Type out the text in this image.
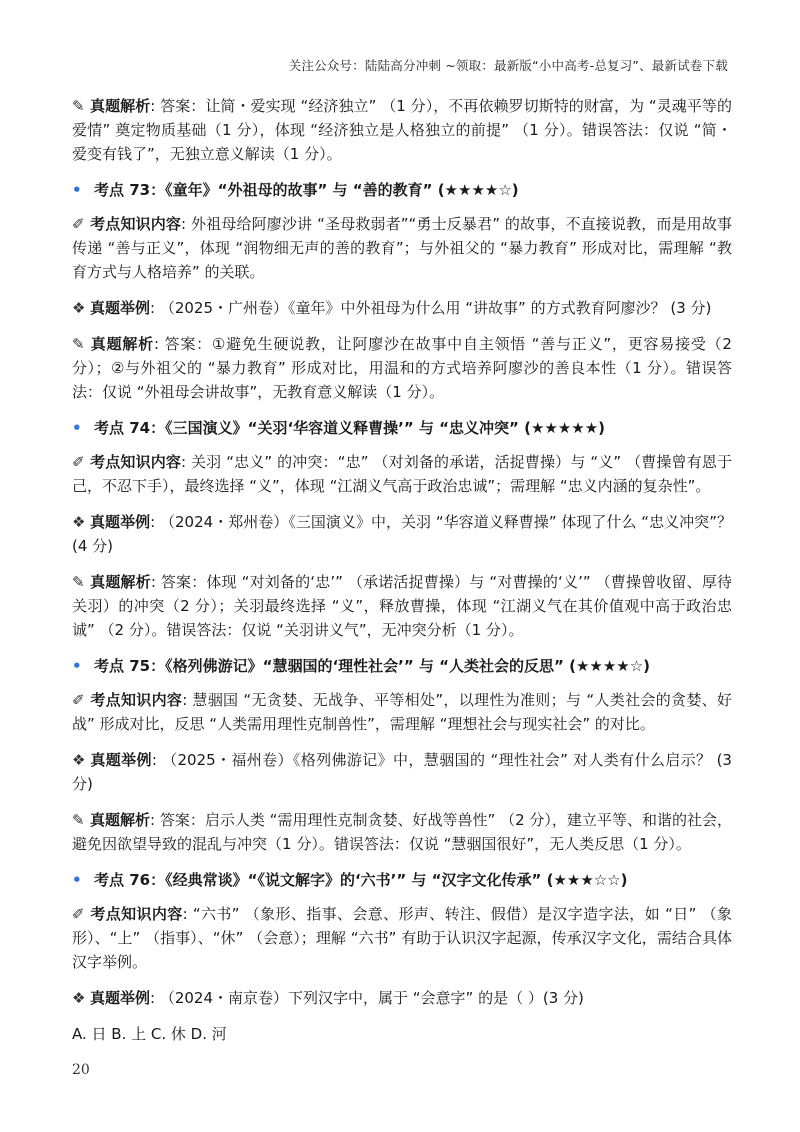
关注公众号：陆陆高分冲刺 ~领取：最新版“小中高考-总复习”、最新试卷下载

✎ 真题解析: 答案：让简・爱实现 “经济独立” （1 分），不再依赖罗切斯特的财富，为 “灵魂平等的爱情” 奠定物质基础（1 分），体现 “经济独立是人格独立的前提” （1 分）。错误答法：仅说 “简・爱变有钱了”，无独立意义解读（1 分）。

• 考点 73：《童年》“外祖母的故事” 与 “善的教育” (★★★★☆)

✐ 考点知识内容: 外祖母给阿廖沙讲 “圣母救弱者”“勇士反暴君” 的故事，不直接说教，而是用故事传递 “善与正义”，体现 “润物细无声的善的教育”；与外祖父的 “暴力教育” 形成对比，需理解 “教育方式与人格培养” 的关联。

❖ 真题举例: （2025・广州卷）《童年》中外祖母为什么用 “讲故事” 的方式教育阿廖沙？ (3 分)

✎ 真题解析: 答案：①避免生硬说教，让阿廖沙在故事中自主领悟 “善与正义”，更容易接受（2 分）；②与外祖父的 “暴力教育” 形成对比，用温和的方式培养阿廖沙的善良本性（1 分）。错误答法：仅说 “外祖母会讲故事”，无教育意义解读（1 分）。

• 考点 74：《三国演义》“关羽‘华容道义释曹操’” 与 “忠义冲突” (★★★★★)

✐ 考点知识内容: 关羽 “忠义” 的冲突：“忠” （对刘备的承诺，活捉曹操）与 “义” （曹操曾有恩于己，不忍下手），最终选择 “义”，体现 “江湖义气高于政治忠诚”；需理解 “忠义内涵的复杂性”。

❖ 真题举例: （2024・郑州卷）《三国演义》中，关羽 “华容道义释曹操” 体现了什么 “忠义冲突”？ (4 分)

✎ 真题解析: 答案：体现 “对刘备的‘忠’” （承诺活捉曹操）与 “对曹操的‘义’” （曹操曾收留、厚待关羽）的冲突（2 分）；关羽最终选择 “义”，释放曹操，体现 “江湖义气在其价值观中高于政治忠诚” （2 分）。错误答法：仅说 “关羽讲义气”，无冲突分析（1 分）。

• 考点 75：《格列佛游记》“慧骃国的‘理性社会’” 与 “人类社会的反思” (★★★★☆)

✐ 考点知识内容: 慧骃国 “无贪婪、无战争、平等相处”，以理性为准则；与 “人类社会的贪婪、好战” 形成对比，反思 “人类需用理性克制兽性”，需理解 “理想社会与现实社会” 的对比。

❖ 真题举例: （2025・福州卷）《格列佛游记》中，慧骃国的 “理性社会” 对人类有什么启示？ (3 分)

✎ 真题解析: 答案：启示人类 “需用理性克制贪婪、好战等兽性” （2 分），建立平等、和谐的社会，避免因欲望导致的混乱与冲突（1 分）。错误答法：仅说 “慧骃国很好”，无人类反思（1 分）。

• 考点 76：《经典常谈》“《说文解字》的‘六书’” 与 “汉字文化传承” (★★★☆☆)

✐ 考点知识内容: “六书” （象形、指事、会意、形声、转注、假借）是汉字造字法，如 “日” （象形）、“上” （指事）、“休” （会意）；理解 “六书” 有助于认识汉字起源，传承汉字文化，需结合具体汉字举例。

❖ 真题举例: （2024・南京卷）下列汉字中，属于 “会意字” 的是（ ）(3 分)

A. 日 B. 上 C. 休 D. 河

20
